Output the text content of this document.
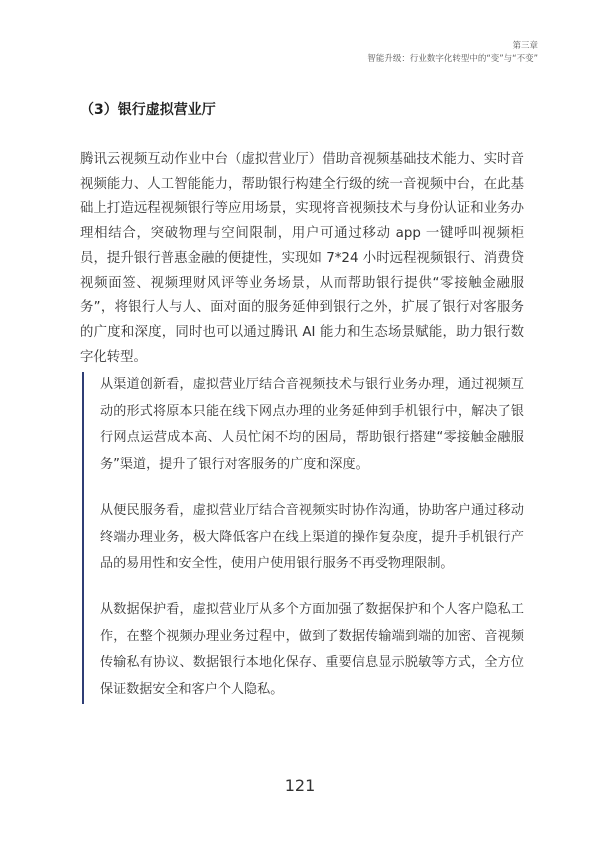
第三章
智能升级：行业数字化转型中的“变”与“不变”
（3）银行虚拟营业厅

腾讯云视频互动作业中台（虚拟营业厅）借助音视频基础技术能力、实时音视频能力、人工智能能力，帮助银行构建全行级的统一音视频中台，在此基础上打造远程视频银行等应用场景，实现将音视频技术与身份认证和业务办理相结合，突破物理与空间限制，用户可通过移动 app 一键呼叫视频柜员，提升银行普惠金融的便捷性，实现如 7*24 小时远程视频银行、消费贷视频面签、视频理财风评等业务场景，从而帮助银行提供“零接触金融服务”，将银行人与人、面对面的服务延伸到银行之外，扩展了银行对客服务的广度和深度，同时也可以通过腾讯 AI 能力和生态场景赋能，助力银行数字化转型。

从渠道创新看，虚拟营业厅结合音视频技术与银行业务办理，通过视频互动的形式将原本只能在线下网点办理的业务延伸到手机银行中，解决了银行网点运营成本高、人员忙闲不均的困局，帮助银行搭建“零接触金融服务”渠道，提升了银行对客服务的广度和深度。

从便民服务看，虚拟营业厅结合音视频实时协作沟通，协助客户通过移动终端办理业务，极大降低客户在线上渠道的操作复杂度，提升手机银行产品的易用性和安全性，使用户使用银行服务不再受物理限制。

从数据保护看，虚拟营业厅从多个方面加强了数据保护和个人客户隐私工作，在整个视频办理业务过程中，做到了数据传输端到端的加密、音视频传输私有协议、数据银行本地化保存、重要信息显示脱敏等方式，全方位保证数据安全和客户个人隐私。

121
